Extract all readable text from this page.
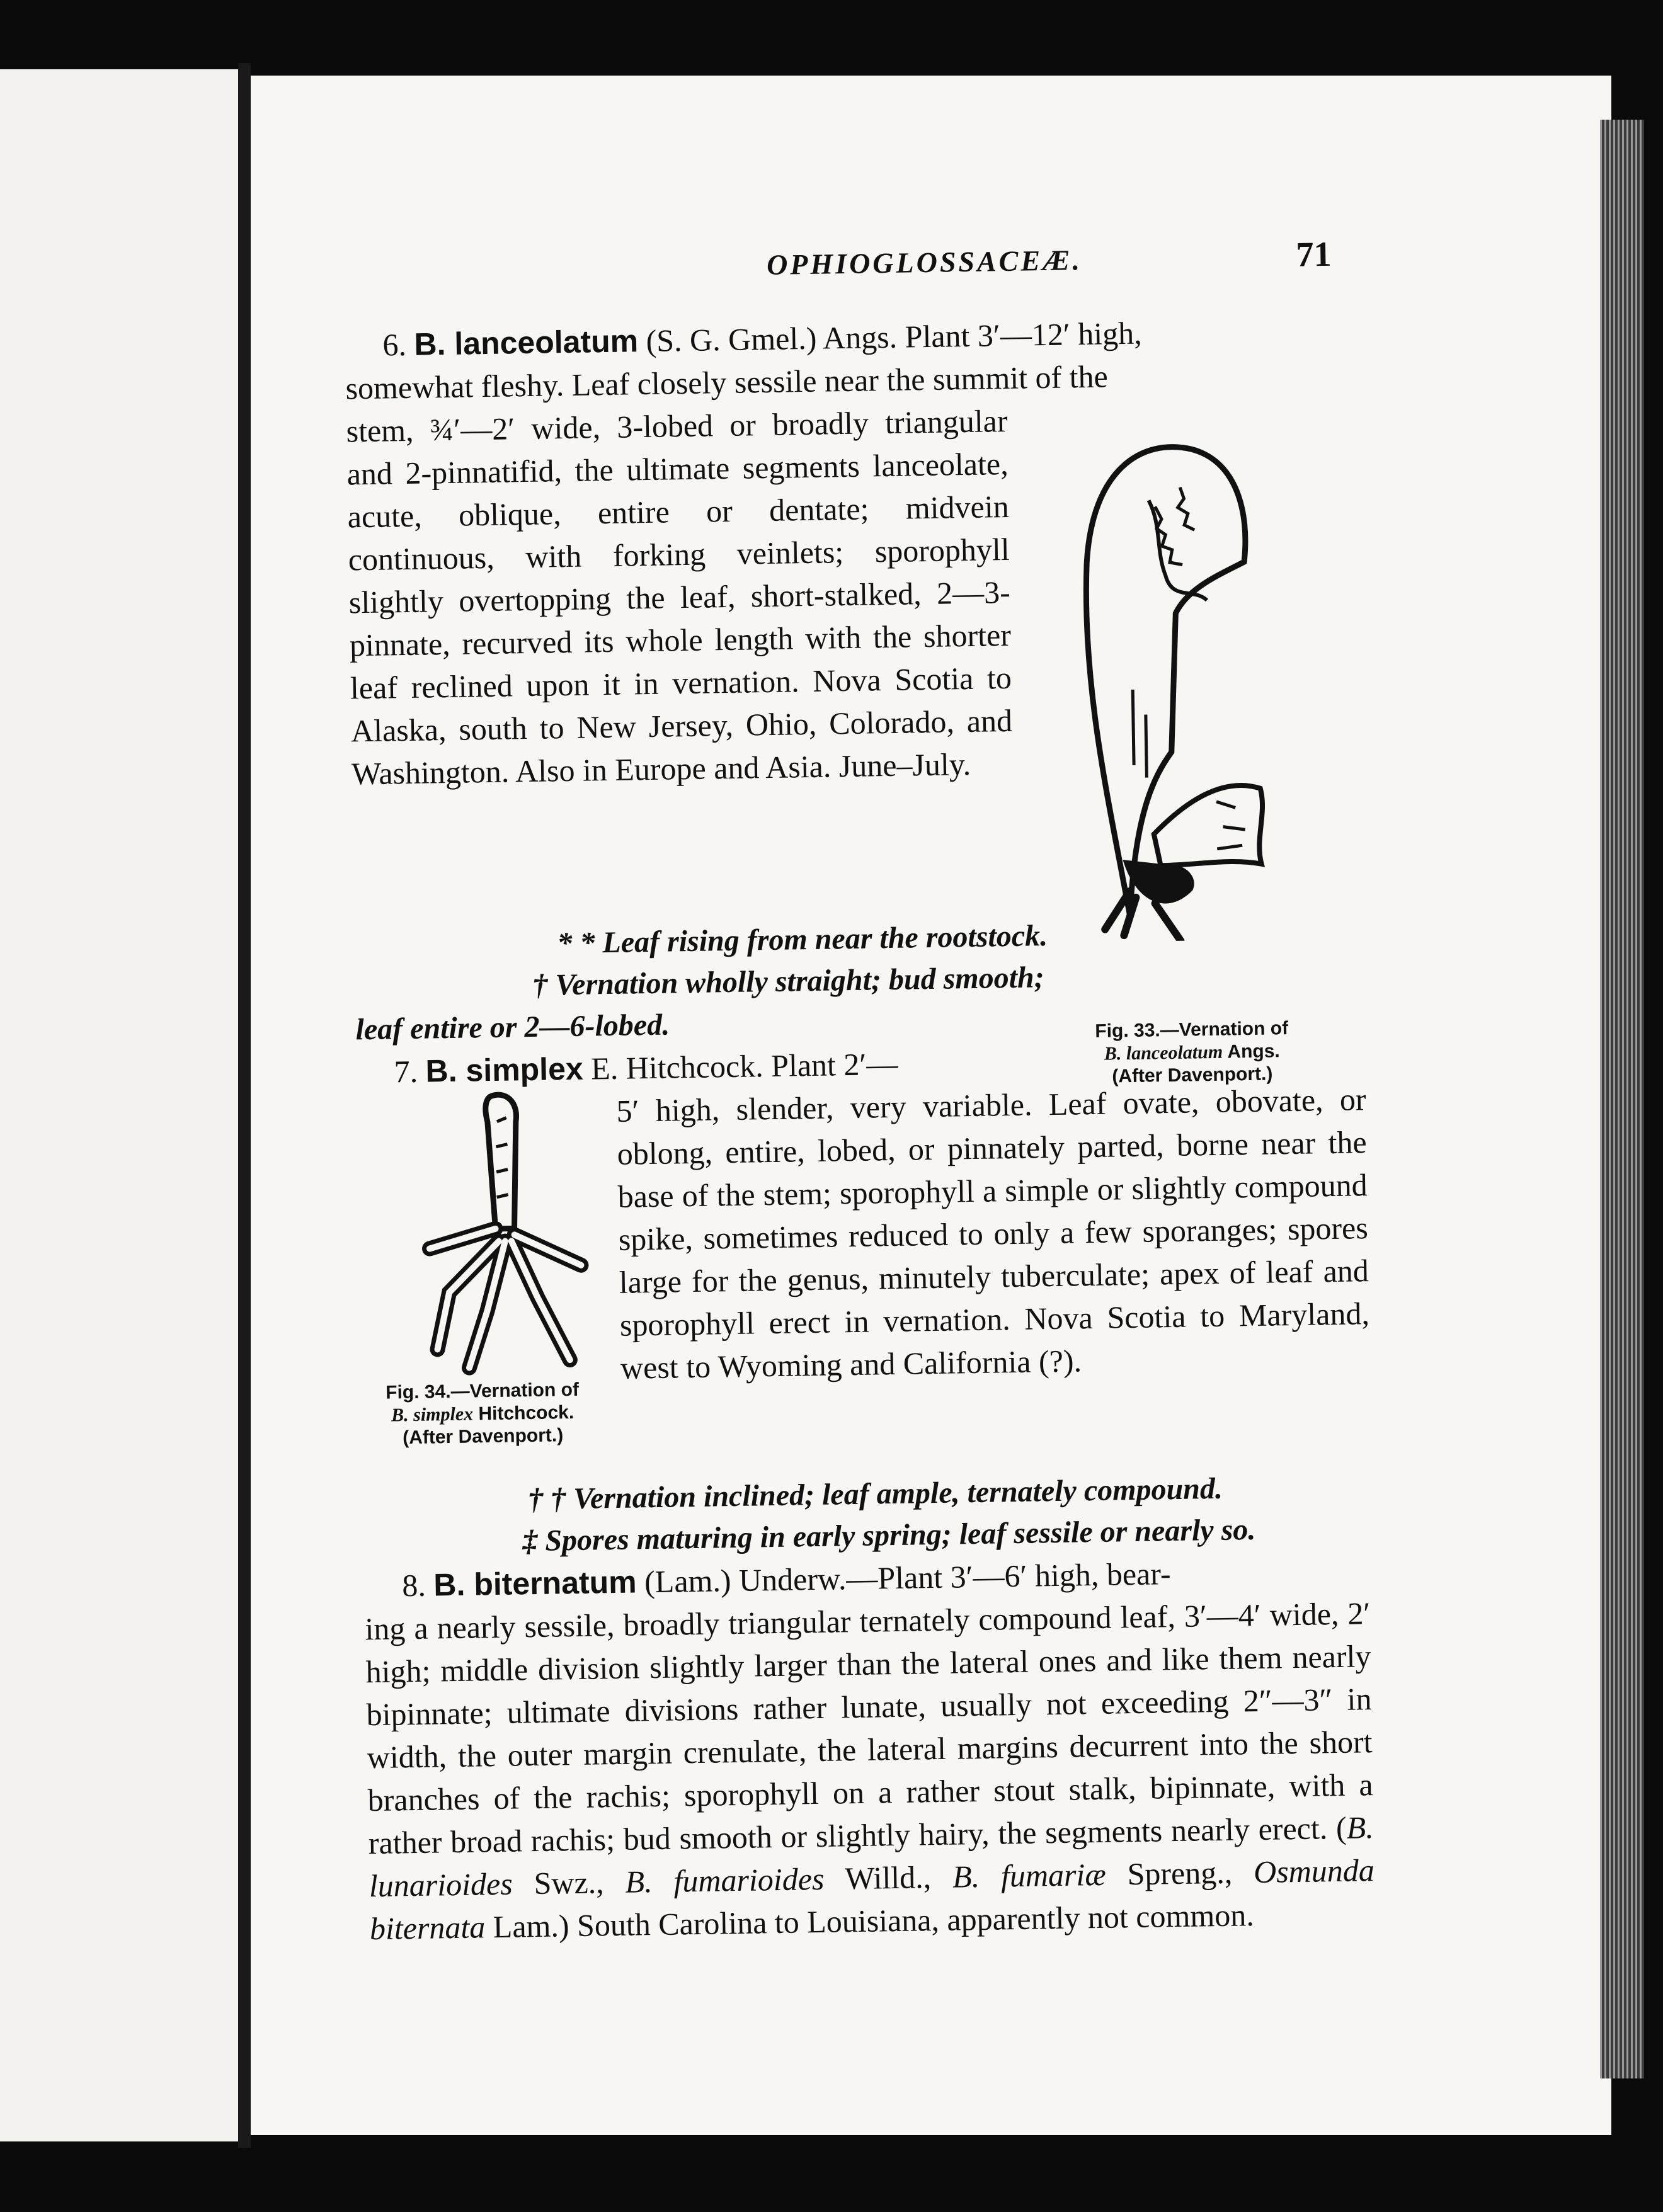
OPHIOGLOSSACEÆ.	71

6. B. lanceolatum (S. G. Gmel.) Angs. Plant 3′—12′ high,

somewhat fleshy. Leaf closely sessile near the summit of the

stem, ¾′—2′ wide, 3-lobed or broadly triangular and 2-pinnatifid, the ultimate segments lanceolate, acute, oblique, entire or dentate; midvein continuous, with forking veinlets; sporophyll slightly overtopping the leaf, short-stalked, 2—3-pinnate, recurved its whole length with the shorter leaf reclined upon it in vernation. Nova Scotia to Alaska, south to New Jersey, Ohio, Colorado, and Washington. Also in Europe and Asia. June–July.

* * Leaf rising from near the rootstock.

† Vernation wholly straight; bud smooth;

leaf entire or 2—6-lobed.	Fig. 33.—Vernation of
B. lanceolatum Angs.
(After Davenport.)

7. B. simplex E. Hitchcock. Plant 2′—

5′ high, slender, very variable. Leaf ovate, obovate, or oblong, entire, lobed, or pinnately parted, borne near the base of the stem; sporophyll a simple or slightly compound spike, sometimes reduced to only a few sporanges; spores large for the genus, minutely tuberculate; apex of leaf and sporophyll erect in vernation. Nova Scotia to Maryland, west to Wyoming and California (?).

Fig. 34.—Vernation of
B. simplex Hitchcock.
(After Davenport.)

† † Vernation inclined; leaf ample, ternately compound.

‡ Spores maturing in early spring; leaf sessile or nearly so.

8. B. biternatum (Lam.) Underw.—Plant 3′—6′ high, bear-

ing a nearly sessile, broadly triangular ternately compound leaf, 3′—4′ wide, 2′ high; middle division slightly larger than the lateral ones and like them nearly bipinnate; ultimate divisions rather lunate, usually not exceeding 2″—3″ in width, the outer margin crenulate, the lateral margins decurrent into the short branches of the rachis; sporophyll on a rather stout stalk, bipinnate, with a rather broad rachis; bud smooth or slightly hairy, the segments nearly erect. (B. lunarioides Swz., B. fumarioides Willd., B. fumariæ Spreng., Osmunda biternata Lam.) South Carolina to Louisiana, apparently not common.
